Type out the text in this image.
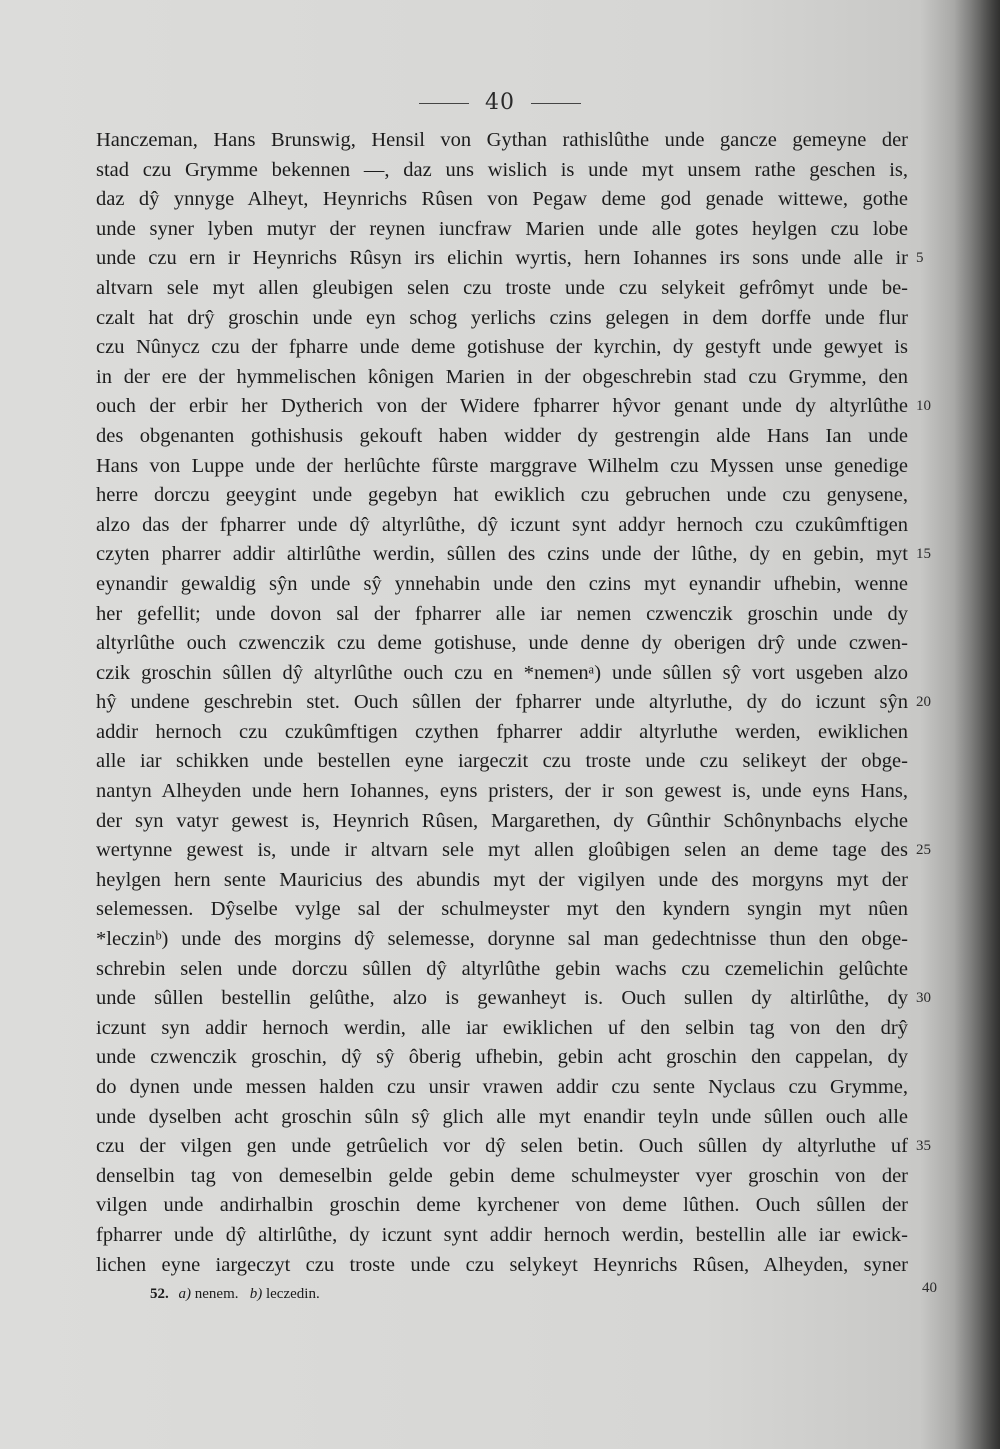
40
Hanczeman, Hans Brunswig, Hensil von Gythan rathislûthe unde gancze gemeyne der
stad czu Grymme bekennen —, daz uns wislich is unde myt unsem rathe geschen is,
daz dŷ ynnyge Alheyt, Heynrichs Rûsen von Pegaw deme god genade wittewe, gothe
unde syner lyben mutyr der reynen iuncfraw Marien unde alle gotes heylgen czu lobe
unde czu ern ir Heynrichs Rûsyn irs elichin wyrtis, hern Iohannes irs sons unde alle ir 5
altvarn sele myt allen gleubigen selen czu troste unde czu selykeit gefrômyt unde be-
czalt hat drŷ groschin unde eyn schog yerlichs czins gelegen in dem dorffe unde flur
czu Nûnycz czu der fpharre unde deme gotishuse der kyrchin, dy gestyft unde gewyet is
in der ere der hymmelischen kônigen Marien in der obgeschrebin stad czu Grymme, den
ouch der erbir her Dytherich von der Widere fpharrer hŷvor genant unde dy altyrlûthe 10
des obgenanten gothishusis gekouft haben widder dy gestrengin alde Hans Ian unde
Hans von Luppe unde der herlûchte fûrste marggrave Wilhelm czu Myssen unse genedige
herre dorczu geeygint unde gegebyn hat ewiklich czu gebruchen unde czu genysene,
alzo das der fpharrer unde dŷ altyrlûthe, dŷ iczunt synt addyr hernoch czu czukûmftigen
czyten pharrer addir altirlûthe werdin, sûllen des czins unde der lûthe, dy en gebin, myt 15
eynandir gewaldig sŷn unde sŷ ynnehabin unde den czins myt eynandir ufhebin, wenne
her gefellit; unde dovon sal der fpharrer alle iar nemen czwenczik groschin unde dy
altyrlûthe ouch czwenczik czu deme gotishuse, unde denne dy oberigen drŷ unde czwen-
czik groschin sûllen dŷ altyrlûthe ouch czu en *nemenᵃ) unde sûllen sŷ vort usgeben alzo
hŷ undene geschrebin stet. Ouch sûllen der fpharrer unde altyrluthe, dy do iczunt sŷn 20
addir hernoch czu czukûmftigen czythen fpharrer addir altyrluthe werden, ewiklichen
alle iar schikken unde bestellen eyne iargeczit czu troste unde czu selikeyt der obge-
nantyn Alheyden unde hern Iohannes, eyns pristers, der ir son gewest is, unde eyns Hans,
der syn vatyr gewest is, Heynrich Rûsen, Margarethen, dy Gûnthir Schônynbachs elyche
wertynne gewest is, unde ir altvarn sele myt allen gloûbigen selen an deme tage des 25
heylgen hern sente Mauricius des abundis myt der vigilyen unde des morgyns myt der
selemessen. Dŷselbe vylge sal der schulmeyster myt den kyndern syngin myt nûen
*leczinᵇ) unde des morgins dŷ selemesse, dorynne sal man gedechtnisse thun den obge-
schrebin selen unde dorczu sûllen dŷ altyrlûthe gebin wachs czu czemelichin gelûchte
unde sûllen bestellin gelûthe, alzo is gewanheyt is. Ouch sullen dy altirlûthe, dy 30
iczunt syn addir hernoch werdin, alle iar ewiklichen uf den selbin tag von den drŷ
unde czwenczik groschin, dŷ sŷ ôberig ufhebin, gebin acht groschin den cappelan, dy
do dynen unde messen halden czu unsir vrawen addir czu sente Nyclaus czu Grymme,
unde dyselben acht groschin sûln sŷ glich alle myt enandir teyln unde sûllen ouch alle
czu der vilgen gen unde getrûelich vor dŷ selen betin. Ouch sûllen dy altyrluthe uf 35
denselbin tag von demeselbin gelde gebin deme schulmeyster vyer groschin von der
vilgen unde andirhalbin groschin deme kyrchener von deme lûthen. Ouch sûllen der
fpharrer unde dŷ altirlûthe, dy iczunt synt addir hernoch werdin, bestellin alle iar ewick-
lichen eyne iargeczyt czu troste unde czu selykeyt Heynrichs Rûsen, Alheyden, syner
52. a) nenem. b) leczedin.	40
